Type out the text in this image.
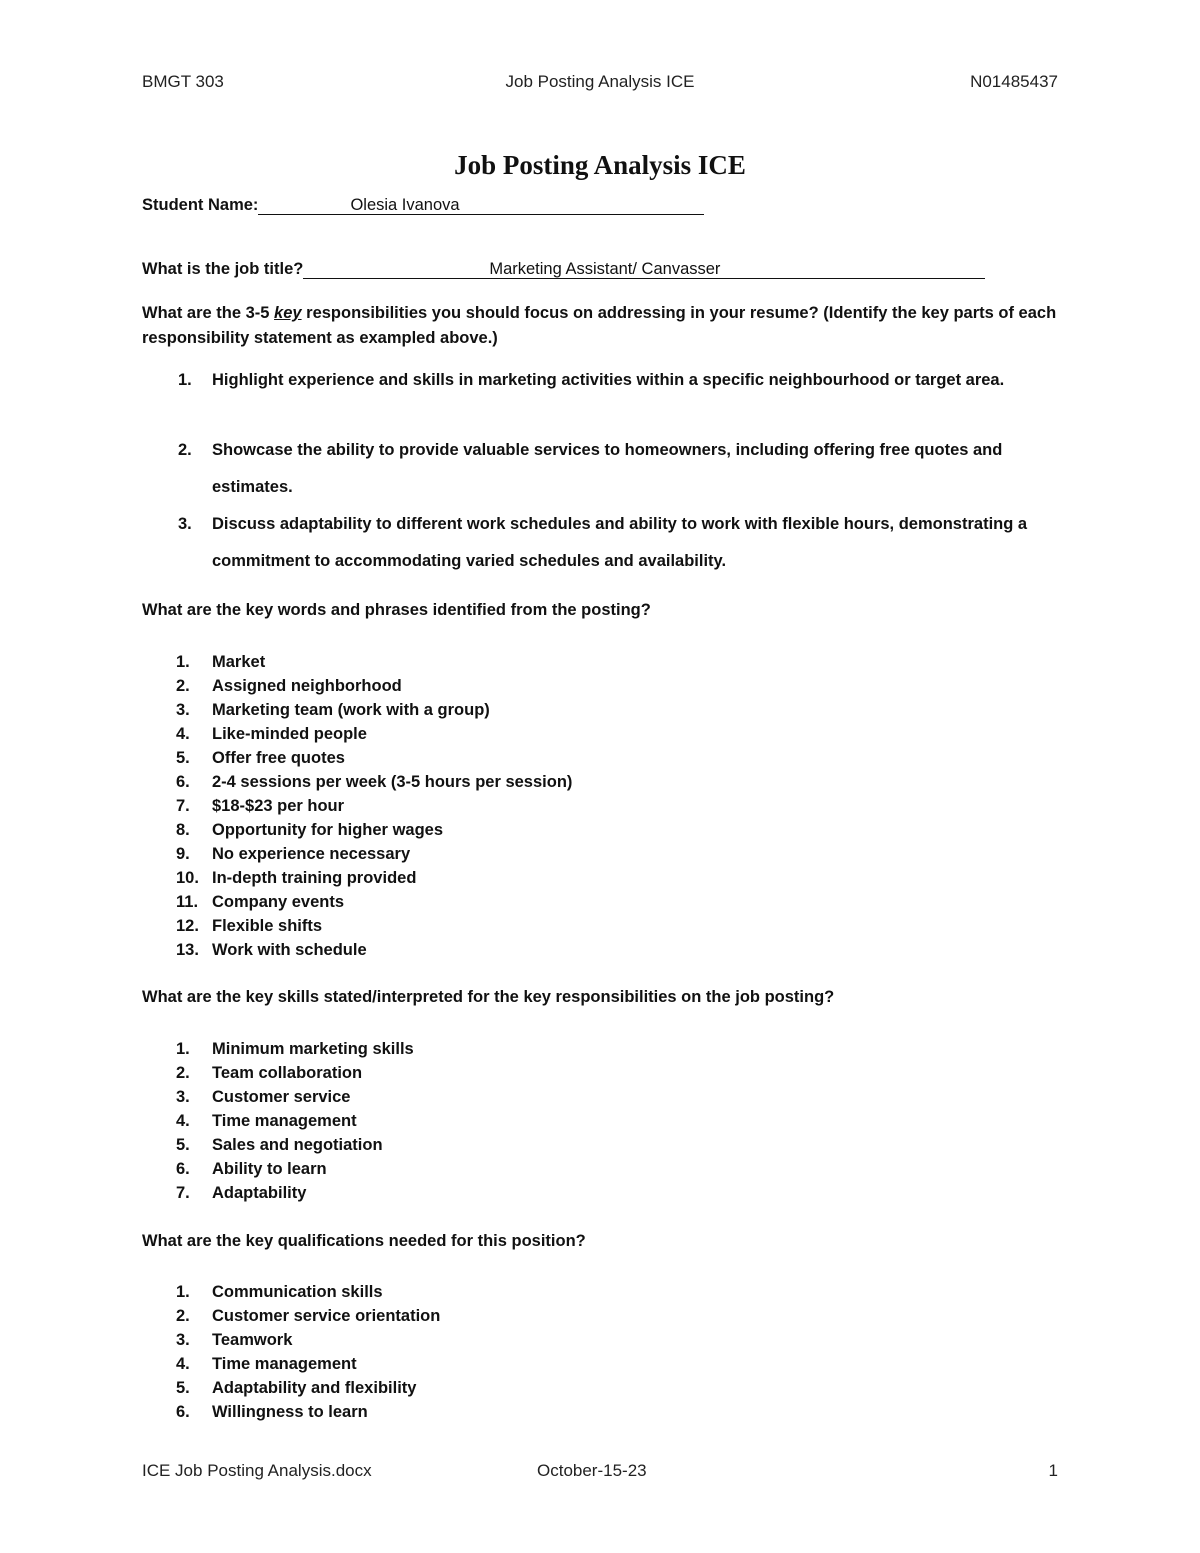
BMGT 303	Job Posting Analysis ICE	N01485437
Job Posting Analysis ICE
Student Name:	Olesia Ivanova
What is the job title?	Marketing Assistant/ Canvasser
What are the 3-5 key responsibilities you should focus on addressing in your resume? (Identify the key parts of each responsibility statement as exampled above.)
1. Highlight experience and skills in marketing activities within a specific neighbourhood or target area.
2. Showcase the ability to provide valuable services to homeowners, including offering free quotes and estimates.
3. Discuss adaptability to different work schedules and ability to work with flexible hours, demonstrating a commitment to accommodating varied schedules and availability.
What are the key words and phrases identified from the posting?
1. Market
2. Assigned neighborhood
3. Marketing team (work with a group)
4. Like-minded people
5. Offer free quotes
6. 2-4 sessions per week (3-5 hours per session)
7. $18-$23 per hour
8. Opportunity for higher wages
9. No experience necessary
10. In-depth training provided
11. Company events
12. Flexible shifts
13. Work with schedule
What are the key skills stated/interpreted for the key responsibilities on the job posting?
1. Minimum marketing skills
2. Team collaboration
3. Customer service
4. Time management
5. Sales and negotiation
6. Ability to learn
7. Adaptability
What are the key qualifications needed for this position?
1. Communication skills
2. Customer service orientation
3. Teamwork
4. Time management
5. Adaptability and flexibility
6. Willingness to learn
ICE Job Posting Analysis.docx	October-15-23	1
